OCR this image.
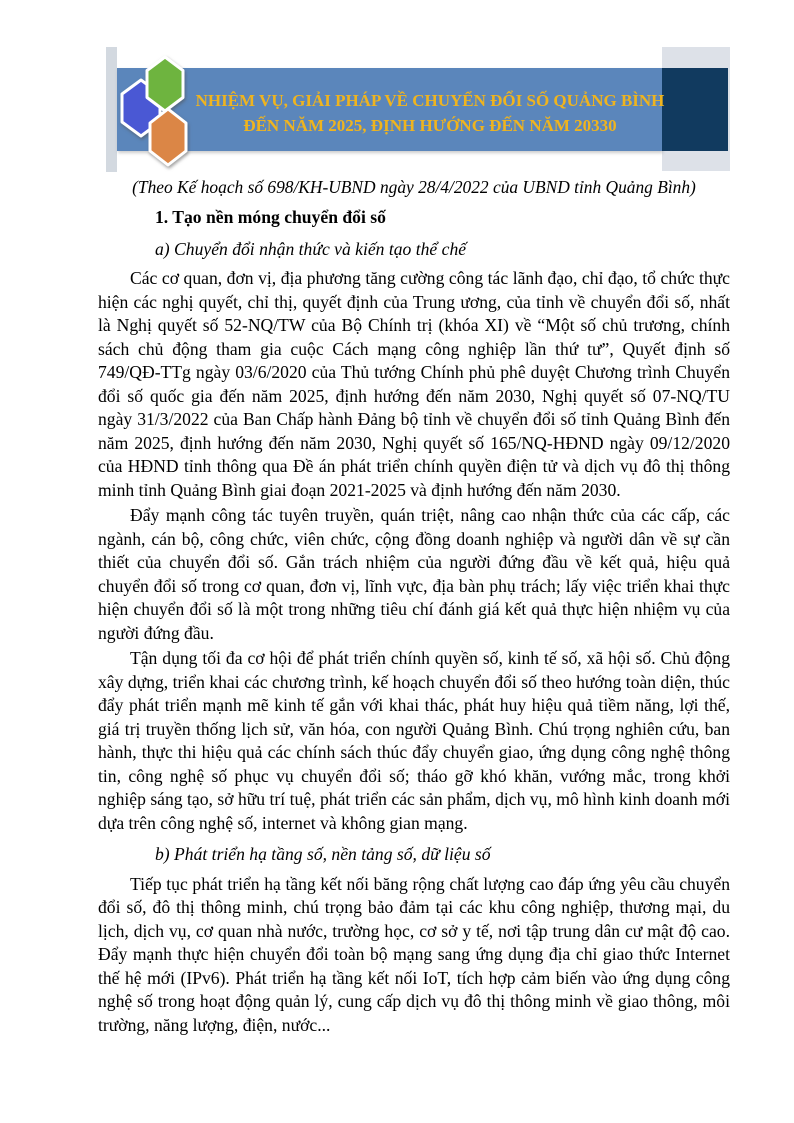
NHIỆM VỤ, GIẢI PHÁP VỀ CHUYỂN ĐỔI SỐ QUẢNG BÌNH
ĐẾN NĂM 2025, ĐỊNH HƯỚNG ĐẾN NĂM 20330

(Theo Kế hoạch số 698/KH-UBND ngày 28/4/2022 của UBND tỉnh Quảng Bình)

1. Tạo nền móng chuyển đổi số
a) Chuyển đổi nhận thức và kiến tạo thể chế

Các cơ quan, đơn vị, địa phương tăng cường công tác lãnh đạo, chỉ đạo, tổ chức thực hiện các nghị quyết, chỉ thị, quyết định của Trung ương, của tỉnh về chuyển đổi số, nhất là Nghị quyết số 52-NQ/TW của Bộ Chính trị (khóa XI) về “Một số chủ trương, chính sách chủ động tham gia cuộc Cách mạng công nghiệp lần thứ tư”, Quyết định số 749/QĐ-TTg ngày 03/6/2020 của Thủ tướng Chính phủ phê duyệt Chương trình Chuyển đổi số quốc gia đến năm 2025, định hướng đến năm 2030, Nghị quyết số 07-NQ/TU ngày 31/3/2022 của Ban Chấp hành Đảng bộ tỉnh về chuyển đổi số tỉnh Quảng Bình đến năm 2025, định hướng đến năm 2030, Nghị quyết số 165/NQ-HĐND ngày 09/12/2020 của HĐND tỉnh thông qua Đề án phát triển chính quyền điện tử và dịch vụ đô thị thông minh tỉnh Quảng Bình giai đoạn 2021-2025 và định hướng đến năm 2030.

Đẩy mạnh công tác tuyên truyền, quán triệt, nâng cao nhận thức của các cấp, các ngành, cán bộ, công chức, viên chức, cộng đồng doanh nghiệp và người dân về sự cần thiết của chuyển đổi số. Gắn trách nhiệm của người đứng đầu về kết quả, hiệu quả chuyển đổi số trong cơ quan, đơn vị, lĩnh vực, địa bàn phụ trách; lấy việc triển khai thực hiện chuyển đổi số là một trong những tiêu chí đánh giá kết quả thực hiện nhiệm vụ của người đứng đầu.

Tận dụng tối đa cơ hội để phát triển chính quyền số, kinh tế số, xã hội số. Chủ động xây dựng, triển khai các chương trình, kế hoạch chuyển đổi số theo hướng toàn diện, thúc đẩy phát triển mạnh mẽ kinh tế gắn với khai thác, phát huy hiệu quả tiềm năng, lợi thế, giá trị truyền thống lịch sử, văn hóa, con người Quảng Bình. Chú trọng nghiên cứu, ban hành, thực thi hiệu quả các chính sách thúc đẩy chuyển giao, ứng dụng công nghệ thông tin, công nghệ số phục vụ chuyển đổi số; tháo gỡ khó khăn, vướng mắc, trong khởi nghiệp sáng tạo, sở hữu trí tuệ, phát triển các sản phẩm, dịch vụ, mô hình kinh doanh mới dựa trên công nghệ số, internet và không gian mạng.

b) Phát triển hạ tầng số, nền tảng số, dữ liệu số

Tiếp tục phát triển hạ tầng kết nối băng rộng chất lượng cao đáp ứng yêu cầu chuyển đổi số, đô thị thông minh, chú trọng bảo đảm tại các khu công nghiệp, thương mại, du lịch, dịch vụ, cơ quan nhà nước, trường học, cơ sở y tế, nơi tập trung dân cư mật độ cao. Đẩy mạnh thực hiện chuyển đổi toàn bộ mạng sang ứng dụng địa chỉ giao thức Internet thế hệ mới (IPv6). Phát triển hạ tầng kết nối IoT, tích hợp cảm biến vào ứng dụng công nghệ số trong hoạt động quản lý, cung cấp dịch vụ đô thị thông minh về giao thông, môi trường, năng lượng, điện, nước...
